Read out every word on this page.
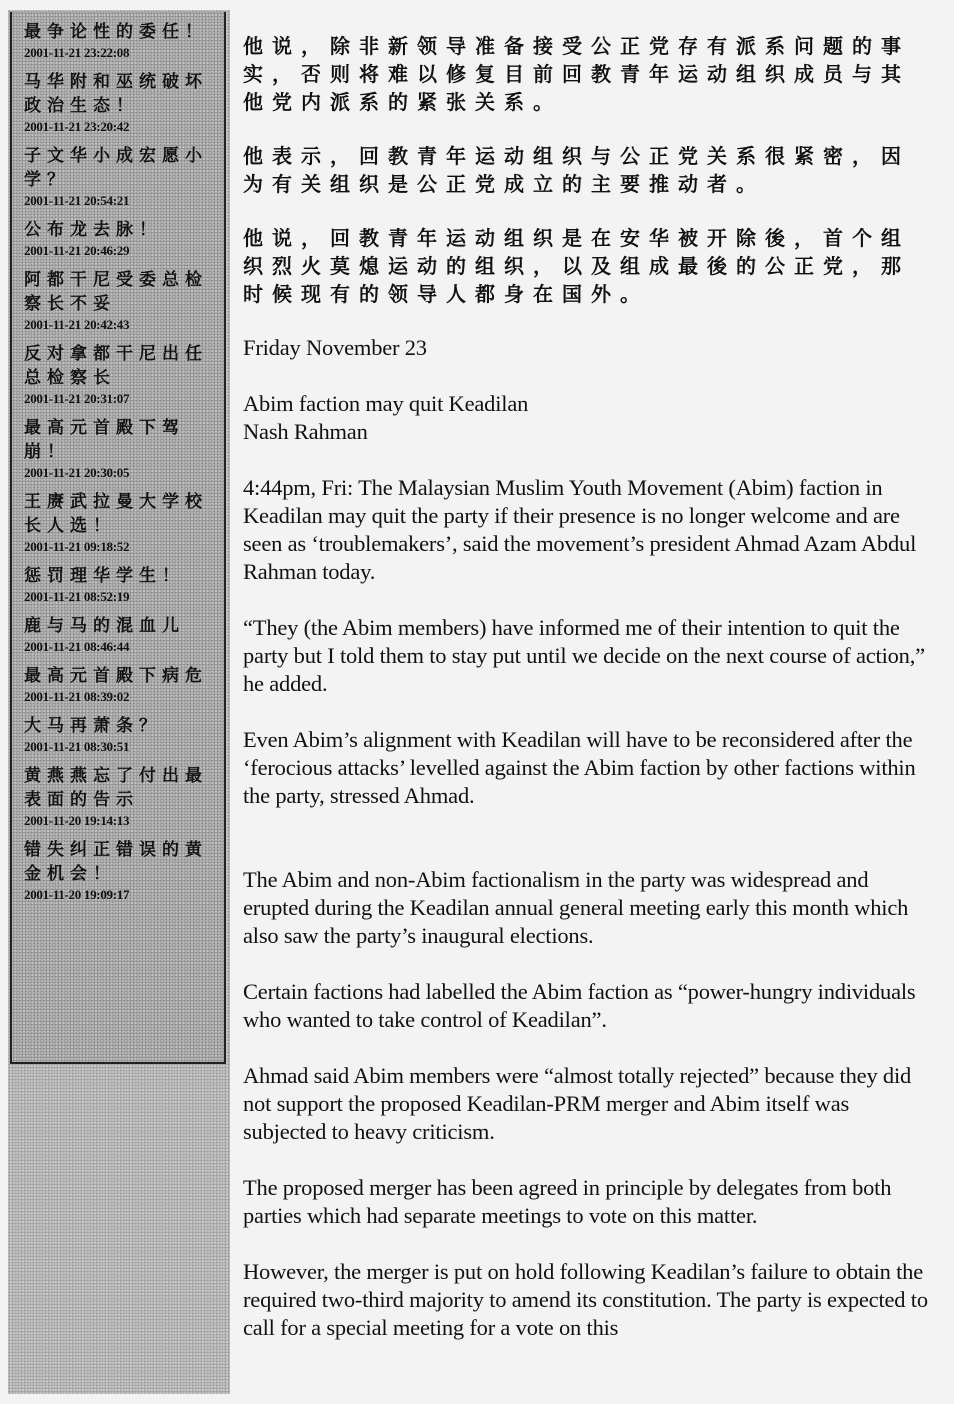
最争论性的委任！
2001-11-21 23:22:08
马华附和巫统破坏政治生态！
2001-11-21 23:20:42
子文华小成宏愿小学？
2001-11-21 20:54:21
公布龙去脉！
2001-11-21 20:46:29
阿都干尼受委总检察长不妥
2001-11-21 20:42:43
反对拿都干尼出任总检察长
2001-11-21 20:31:07
最高元首殿下驾崩！
2001-11-21 20:30:05
王赓武拉曼大学校长人选！
2001-11-21 09:18:52
惩罚理华学生！
2001-11-21 08:52:19
鹿与马的混血儿
2001-11-21 08:46:44
最高元首殿下病危
2001-11-21 08:39:02
大马再萧条？
2001-11-21 08:30:51
黄燕燕忘了付出最表面的告示
2001-11-20 19:14:13
错失纠正错误的黄金机会！
2001-11-20 19:09:17

他说，除非新领导准备接受公正党存有派系问题的事实，否则将难以修复目前回教青年运动组织成员与其他党内派系的紧张关系。

他表示，回教青年运动组织与公正党关系很紧密，因为有关组织是公正党成立的主要推动者。

他说，回教青年运动组织是在安华被开除後，首个组织烈火莫熄运动的组织，以及组成最後的公正党，那时候现有的领导人都身在国外。

Friday November 23

Abim faction may quit Keadilan
Nash Rahman

4:44pm, Fri: The Malaysian Muslim Youth Movement (Abim) faction in Keadilan may quit the party if their presence is no longer welcome and are seen as ‘troublemakers’, said the movement’s president Ahmad Azam Abdul Rahman today.

“They (the Abim members) have informed me of their intention to quit the party but I told them to stay put until we decide on the next course of action,” he added.

Even Abim’s alignment with Keadilan will have to be reconsidered after the ‘ferocious attacks’ levelled against the Abim faction by other factions within the party, stressed Ahmad.

The Abim and non-Abim factionalism in the party was widespread and erupted during the Keadilan annual general meeting early this month which also saw the party’s inaugural elections.

Certain factions had labelled the Abim faction as “power-hungry individuals who wanted to take control of Keadilan”.

Ahmad said Abim members were “almost totally rejected” because they did not support the proposed Keadilan-PRM merger and Abim itself was subjected to heavy criticism.

The proposed merger has been agreed in principle by delegates from both parties which had separate meetings to vote on this matter.

However, the merger is put on hold following Keadilan’s failure to obtain the required two-third majority to amend its constitution. The party is expected to call for a special meeting for a vote on this
